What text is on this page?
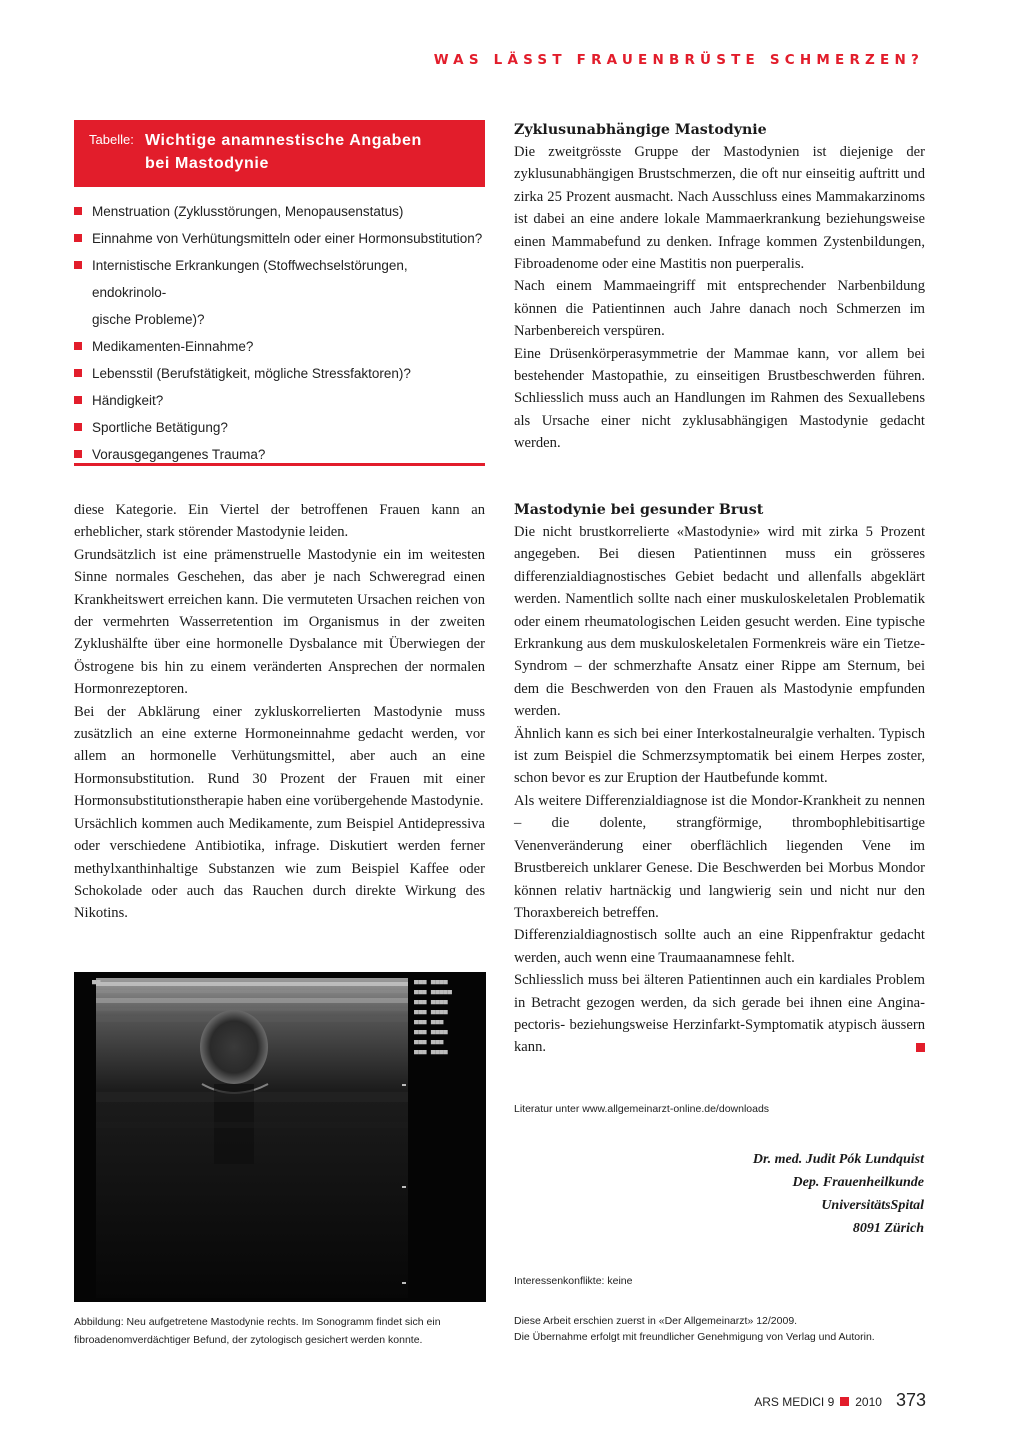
WAS LÄSST FRAUENBRÜSTE SCHMERZEN?
Tabelle: Wichtige anamnestische Angaben
bei Mastodynie
Menstruation (Zyklusstörungen, Menopausenstatus)
Einnahme von Verhütungsmitteln oder einer Hormonsubstitution?
Internistische Erkrankungen (Stoffwechselstörungen, endokrinolo-
gische Probleme)?
Medikamenten-Einnahme?
Lebensstil (Berufstätigkeit, mögliche Stressfaktoren)?
Händigkeit?
Sportliche Betätigung?
Vorausgegangenes Trauma?

diese Kategorie. Ein Viertel der betroffenen Frauen kann an erheblicher, stark störender Mastodynie leiden.

Grundsätzlich ist eine prämenstruelle Mastodynie ein im weitesten Sinne normales Geschehen, das aber je nach Schweregrad einen Krankheitswert erreichen kann. Die vermuteten Ursachen reichen von der vermehrten Wasserretention im Organismus in der zweiten Zyklushälfte über eine hormonelle Dysbalance mit Überwiegen der Östrogene bis hin zu einem veränderten Ansprechen der normalen Hormonrezeptoren.

Bei der Abklärung einer zykluskorrelierten Mastodynie muss zusätzlich an eine externe Hormoneinnahme gedacht werden, vor allem an hormonelle Verhütungsmittel, aber auch an eine Hormonsubstitution. Rund 30 Prozent der Frauen mit einer Hormonsubstitutionstherapie haben eine vorübergehende Mastodynie.

Ursächlich kommen auch Medikamente, zum Beispiel Antidepressiva oder verschiedene Antibiotika, infrage. Diskutiert werden ferner methylxanthinhaltige Substanzen wie zum Beispiel Kaffee oder Schokolade oder auch das Rauchen durch direkte Wirkung des Nikotins.

■■■ ■■■■
■■■ ■■■■■
■■■ ■■■■
■■■ ■■■■
■■■ ■■■
■■■ ■■■■
■■■ ■■■
■■■ ■■■■
■■
Abbildung: Neu aufgetretene Mastodynie rechts. Im Sonogramm findet sich ein fibroadenomverdächtiger Befund, der zytologisch gesichert werden konnte.
Zyklusunabhängige Mastodynie

Die zweitgrösste Gruppe der Mastodynien ist diejenige der zyklusunabhängigen Brustschmerzen, die oft nur einseitig auftritt und zirka 25 Prozent ausmacht. Nach Ausschluss eines Mammakarzinoms ist dabei an eine andere lokale Mammaerkrankung beziehungsweise einen Mammabefund zu denken. Infrage kommen Zystenbildungen, Fibroadenome oder eine Mastitis non puerperalis.

Nach einem Mammaeingriff mit entsprechender Narbenbildung können die Patientinnen auch Jahre danach noch Schmerzen im Narbenbereich verspüren.

Eine Drüsenkörperasymmetrie der Mammae kann, vor allem bei bestehender Mastopathie, zu einseitigen Brustbeschwerden führen. Schliesslich muss auch an Handlungen im Rahmen des Sexuallebens als Ursache einer nicht zyklusabhängigen Mastodynie gedacht werden.

Mastodynie bei gesunder Brust

Die nicht brustkorrelierte «Mastodynie» wird mit zirka 5 Prozent angegeben. Bei diesen Patientinnen muss ein grösseres differenzialdiagnostisches Gebiet bedacht und allenfalls abgeklärt werden. Namentlich sollte nach einer muskuloskeletalen Problematik oder einem rheumatologischen Leiden gesucht werden. Eine typische Erkrankung aus dem muskuloskeletalen Formenkreis wäre ein Tietze-Syndrom – der schmerzhafte Ansatz einer Rippe am Sternum, bei dem die Beschwerden von den Frauen als Mastodynie empfunden werden.

Ähnlich kann es sich bei einer Interkostalneuralgie verhalten. Typisch ist zum Beispiel die Schmerzsymptomatik bei einem Herpes zoster, schon bevor es zur Eruption der Hautbefunde kommt.

Als weitere Differenzialdiagnose ist die Mondor-Krankheit zu nennen – die dolente, strangförmige, thrombophlebitisartige Venenveränderung einer oberflächlich liegenden Vene im Brustbereich unklarer Genese. Die Beschwerden bei Morbus Mondor können relativ hartnäckig und langwierig sein und nicht nur den Thoraxbereich betreffen.

Differenzialdiagnostisch sollte auch an eine Rippenfraktur gedacht werden, auch wenn eine Traumaanamnese fehlt.

Schliesslich muss bei älteren Patientinnen auch ein kardiales Problem in Betracht gezogen werden, da sich gerade bei ihnen eine Angina-pectoris- beziehungsweise Herzinfarkt-Symptomatik atypisch äussern kann.

Literatur unter www.allgemeinarzt-online.de/downloads
Dr. med. Judit Pók Lundquist
Dep. Frauenheilkunde
UniversitätsSpital
8091 Zürich
Interessenkonflikte: keine
Diese Arbeit erschien zuerst in «Der Allgemeinarzt» 12/2009.
Die Übernahme erfolgt mit freundlicher Genehmigung von Verlag und Autorin.
ARS MEDICI 9 2010 373
